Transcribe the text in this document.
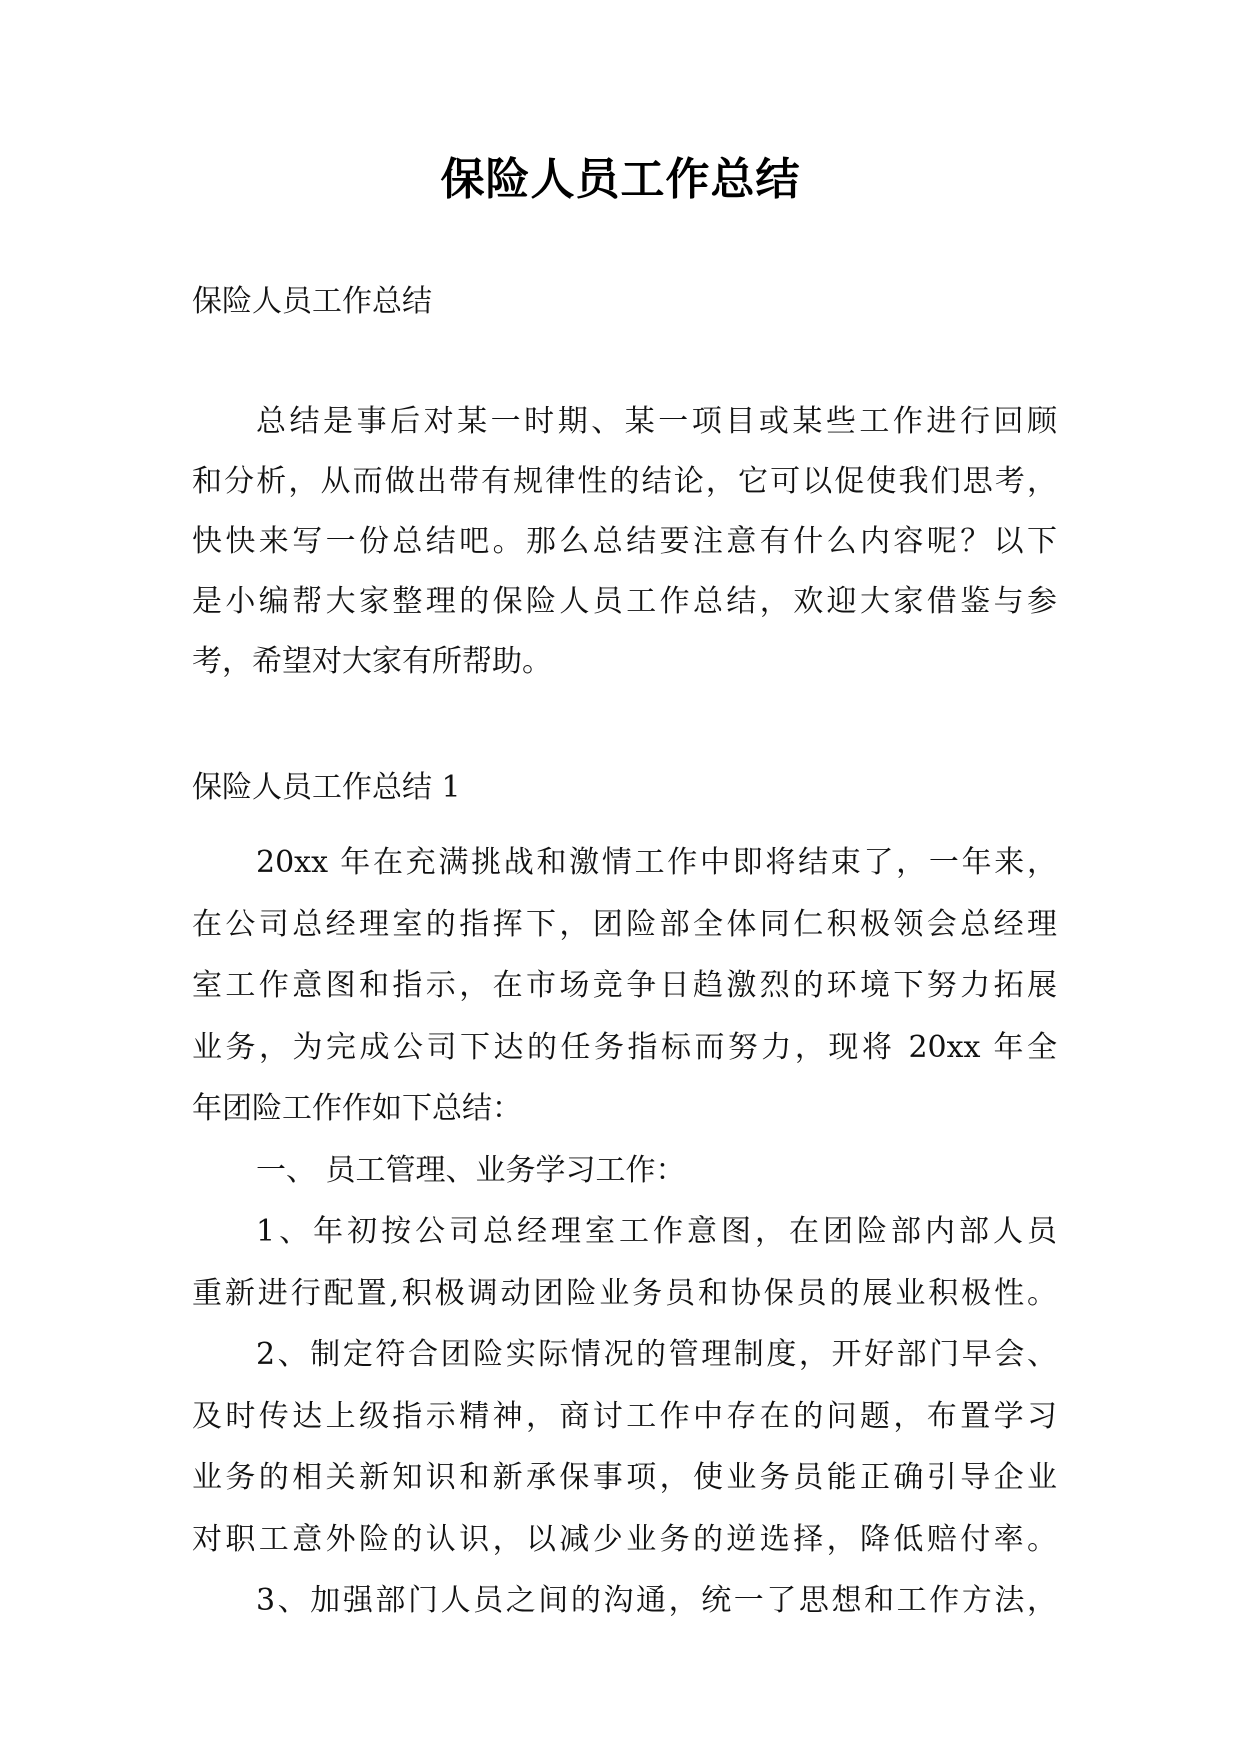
保险人员工作总结
保险人员工作总结
总结是事后对某一时期、某一项目或某些工作进行回顾
和分析，从而做出带有规律性的结论，它可以促使我们思考，
快快来写一份总结吧。那么总结要注意有什么内容呢？以下
是小编帮大家整理的保险人员工作总结，欢迎大家借鉴与参
考，希望对大家有所帮助。
保险人员工作总结 1
20xx 年在充满挑战和激情工作中即将结束了，一年来，
在公司总经理室的指挥下，团险部全体同仁积极领会总经理
室工作意图和指示，在市场竞争日趋激烈的环境下努力拓展
业务，为完成公司下达的任务指标而努力，现将 20xx 年全
年团险工作作如下总结：
一、 员工管理、业务学习工作：
1、年初按公司总经理室工作意图，在团险部内部人员
重新进行配置,积极调动团险业务员和协保员的展业积极性。
2、制定符合团险实际情况的管理制度，开好部门早会、
及时传达上级指示精神，商讨工作中存在的问题，布置学习
业务的相关新知识和新承保事项，使业务员能正确引导企业
对职工意外险的认识，以减少业务的逆选择，降低赔付率。
3、加强部门人员之间的沟通，统一了思想和工作方法，
